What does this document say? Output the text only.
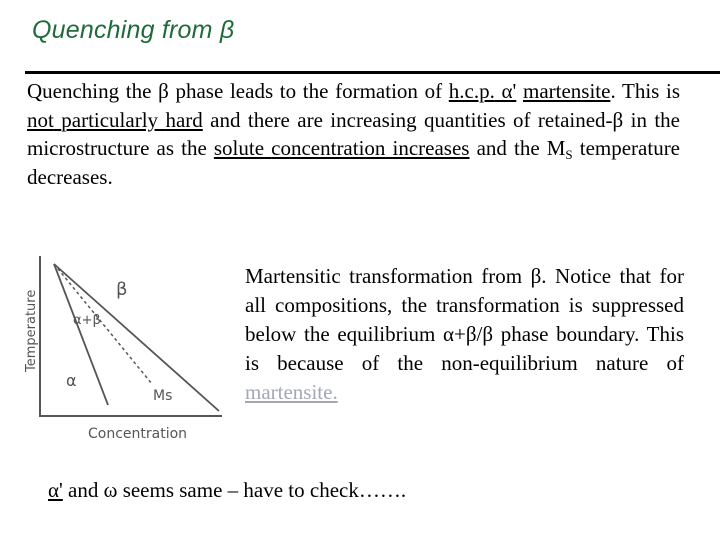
Quenching from β
Quenching the β phase leads to the formation of h.c.p. α' martensite. This is not particularly hard and there are increasing quantities of retained-β in the microstructure as the solute concentration increases and the $M_S$ temperature decreases.
Temperature
Concentration
β
α+β
α
Ms
Martensitic transformation from β. Notice that for all compositions, the transformation is suppressed below the equilibrium α+β/β phase boundary. This is because of the non-equilibrium nature of martensite.
α' and ω seems same – have to check…….
